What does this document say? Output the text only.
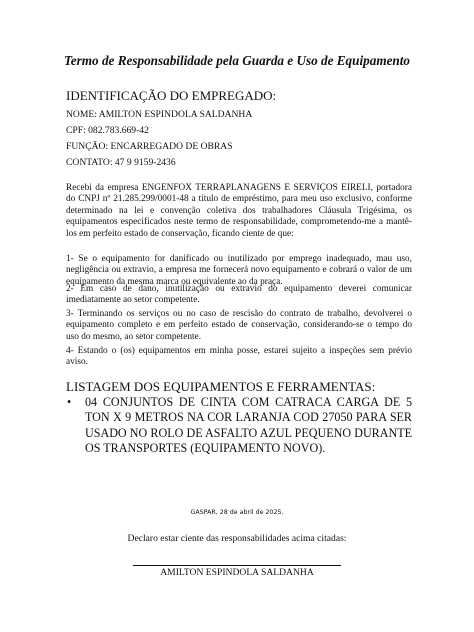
Termo de Responsabilidade pela Guarda e Uso de Equipamento
IDENTIFICAÇÃO DO EMPREGADO:
NOME: AMILTON ESPINDOLA SALDANHA
CPF: 082.783.669-42
FUNÇÃO: ENCARREGADO DE OBRAS
CONTATO: 47 9 9159-2436
Recebi da empresa ENGENFOX TERRAPLANAGENS E SERVIÇOS EIRELI, portadora do CNPJ nº 21.285.299/0001-48 a título de empréstimo, para meu uso exclusivo, conforme determinado na lei e convenção coletiva dos trabalhadores Cláusula Trigésima, os equipamentos especificados neste termo de responsabilidade, comprometendo-me a mantê-los em perfeito estado de conservação, ficando ciente de que:
1- Se o equipamento for danificado ou inutilizado por emprego inadequado, mau uso, negligência ou extravio, a empresa me fornecerá novo equipamento e cobrará o valor de um equipamento da mesma marca ou equivalente ao da praça.
2- Em caso de dano, inutilização ou extravio do equipamento deverei comunicar imediatamente ao setor competente.
3- Terminando os serviços ou no caso de rescisão do contrato de trabalho, devolverei o equipamento completo e em perfeito estado de conservação, considerando-se o tempo do uso do mesmo, ao setor competente.
4- Estando o (os) equipamentos em minha posse, estarei sujeito a inspeções sem prévio aviso.
LISTAGEM DOS EQUIPAMENTOS E FERRAMENTAS:
• 04 CONJUNTOS DE CINTA COM CATRACA CARGA DE 5 TON X 9 METROS NA COR LARANJA COD 27050 PARA SER USADO NO ROLO DE ASFALTO AZUL PEQUENO DURANTE OS TRANSPORTES (EQUIPAMENTO NOVO).
GASPAR, 28 de abril de 2025.
Declaro estar ciente das responsabilidades acima citadas:
AMILTON ESPINDOLA SALDANHA
